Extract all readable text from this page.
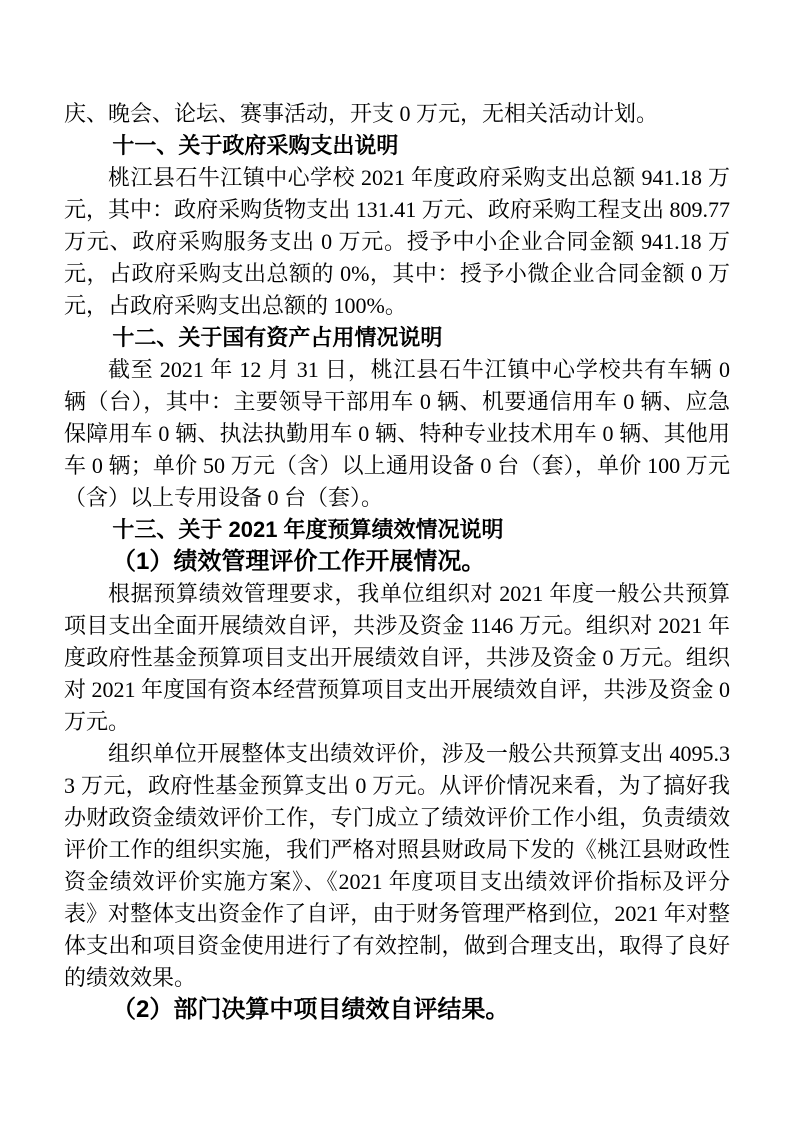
庆、晚会、论坛、赛事活动，开支 0 万元，无相关活动计划。

十一、关于政府采购支出说明

桃江县石牛江镇中心学校 2021 年度政府采购支出总额 941.18 万元，其中：政府采购货物支出 131.41 万元、政府采购工程支出 809.77 万元、政府采购服务支出 0 万元。授予中小企业合同金额 941.18 万元，占政府采购支出总额的 0%，其中：授予小微企业合同金额 0 万元，占政府采购支出总额的 100%。

十二、关于国有资产占用情况说明

截至 2021 年 12 月 31 日，桃江县石牛江镇中心学校共有车辆 0 辆（台），其中：主要领导干部用车 0 辆、机要通信用车 0 辆、应急保障用车 0 辆、执法执勤用车 0 辆、特种专业技术用车 0 辆、其他用车 0 辆；单价 50 万元（含）以上通用设备 0 台（套），单价 100 万元（含）以上专用设备 0 台（套）。

十三、关于 2021 年度预算绩效情况说明
（1）绩效管理评价工作开展情况。

根据预算绩效管理要求，我单位组织对 2021 年度一般公共预算项目支出全面开展绩效自评，共涉及资金 1146 万元。组织对 2021 年度政府性基金预算项目支出开展绩效自评，共涉及资金 0 万元。组织对 2021 年度国有资本经营预算项目支出开展绩效自评，共涉及资金 0 万元。

组织单位开展整体支出绩效评价，涉及一般公共预算支出 4095.33 万元，政府性基金预算支出 0 万元。从评价情况来看，为了搞好我办财政资金绩效评价工作，专门成立了绩效评价工作小组，负责绩效评价工作的组织实施，我们严格对照县财政局下发的《桃江县财政性资金绩效评价实施方案》、《2021 年度项目支出绩效评价指标及评分表》对整体支出资金作了自评，由于财务管理严格到位，2021 年对整体支出和项目资金使用进行了有效控制，做到合理支出，取得了良好的绩效效果。

（2）部门决算中项目绩效自评结果。
